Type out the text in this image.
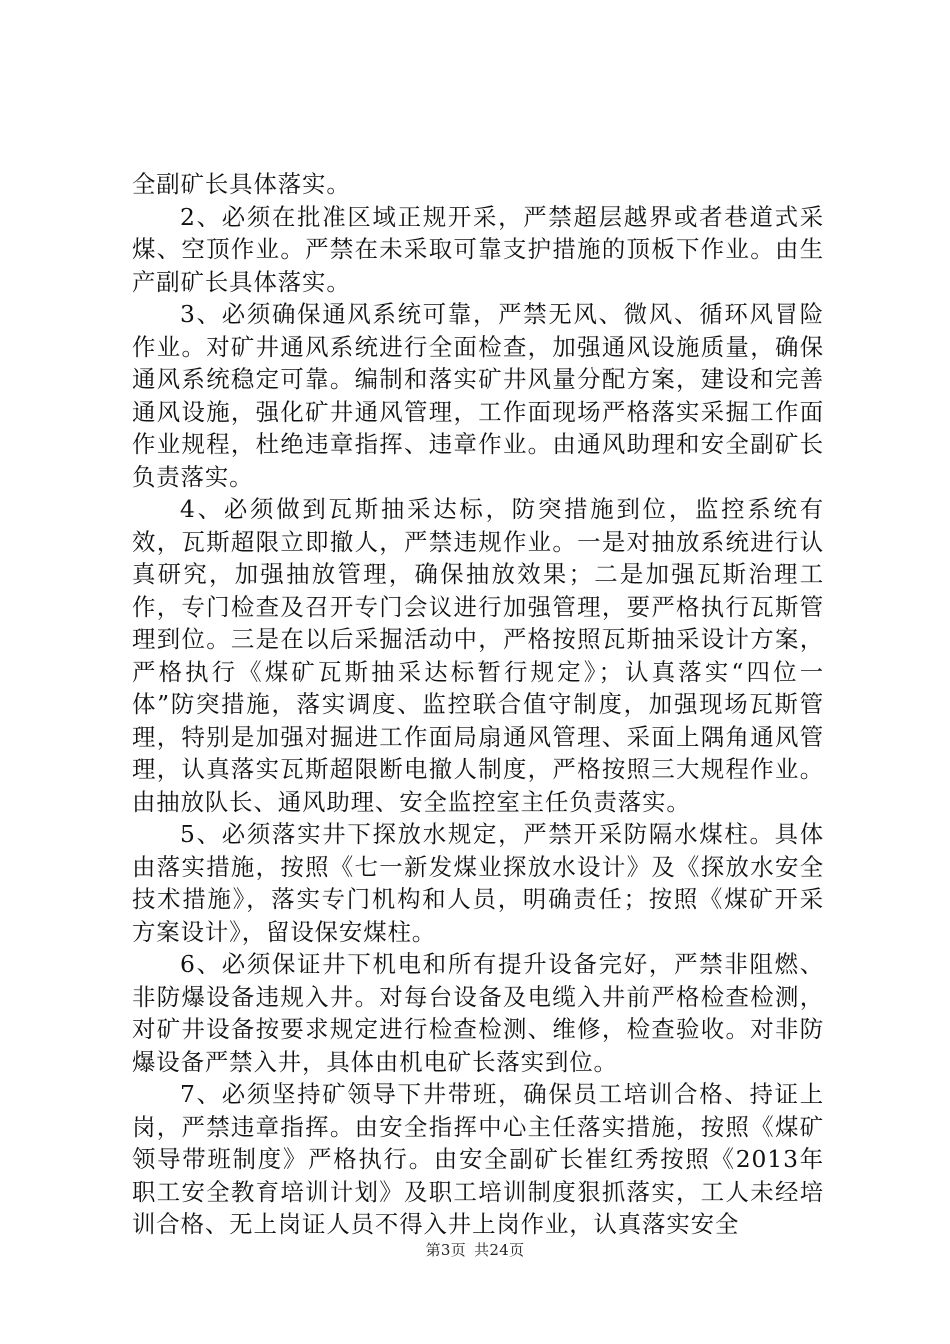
全副矿长具体落实。

2、必须在批准区域正规开采，严禁超层越界或者巷道式采煤、空顶作业。严禁在未采取可靠支护措施的顶板下作业。由生产副矿长具体落实。

3、必须确保通风系统可靠，严禁无风、微风、循环风冒险作业。对矿井通风系统进行全面检查，加强通风设施质量，确保通风系统稳定可靠。编制和落实矿井风量分配方案，建设和完善通风设施，强化矿井通风管理，工作面现场严格落实采掘工作面作业规程，杜绝违章指挥、违章作业。由通风助理和安全副矿长负责落实。

4、必须做到瓦斯抽采达标，防突措施到位，监控系统有效，瓦斯超限立即撤人，严禁违规作业。一是对抽放系统进行认真研究，加强抽放管理，确保抽放效果；二是加强瓦斯治理工作，专门检查及召开专门会议进行加强管理，要严格执行瓦斯管理到位。三是在以后采掘活动中，严格按照瓦斯抽采设计方案，严格执行《煤矿瓦斯抽采达标暂行规定》；认真落实“四位一体”防突措施，落实调度、监控联合值守制度，加强现场瓦斯管理，特别是加强对掘进工作面局扇通风管理、采面上隅角通风管理，认真落实瓦斯超限断电撤人制度，严格按照三大规程作业。由抽放队长、通风助理、安全监控室主任负责落实。

5、必须落实井下探放水规定，严禁开采防隔水煤柱。具体由落实措施，按照《七一新发煤业探放水设计》及《探放水安全技术措施》，落实专门机构和人员，明确责任；按照《煤矿开采方案设计》，留设保安煤柱。

6、必须保证井下机电和所有提升设备完好，严禁非阻燃、非防爆设备违规入井。对每台设备及电缆入井前严格检查检测，对矿井设备按要求规定进行检查检测、维修，检查验收。对非防爆设备严禁入井，具体由机电矿长落实到位。

7、必须坚持矿领导下井带班，确保员工培训合格、持证上岗，严禁违章指挥。由安全指挥中心主任落实措施，按照《煤矿领导带班制度》严格执行。由安全副矿长崔红秀按照《2013年职工安全教育培训计划》及职工培训制度狠抓落实，工人未经培训合格、无上岗证人员不得入井上岗作业，认真落实安全

第3页 共24页
